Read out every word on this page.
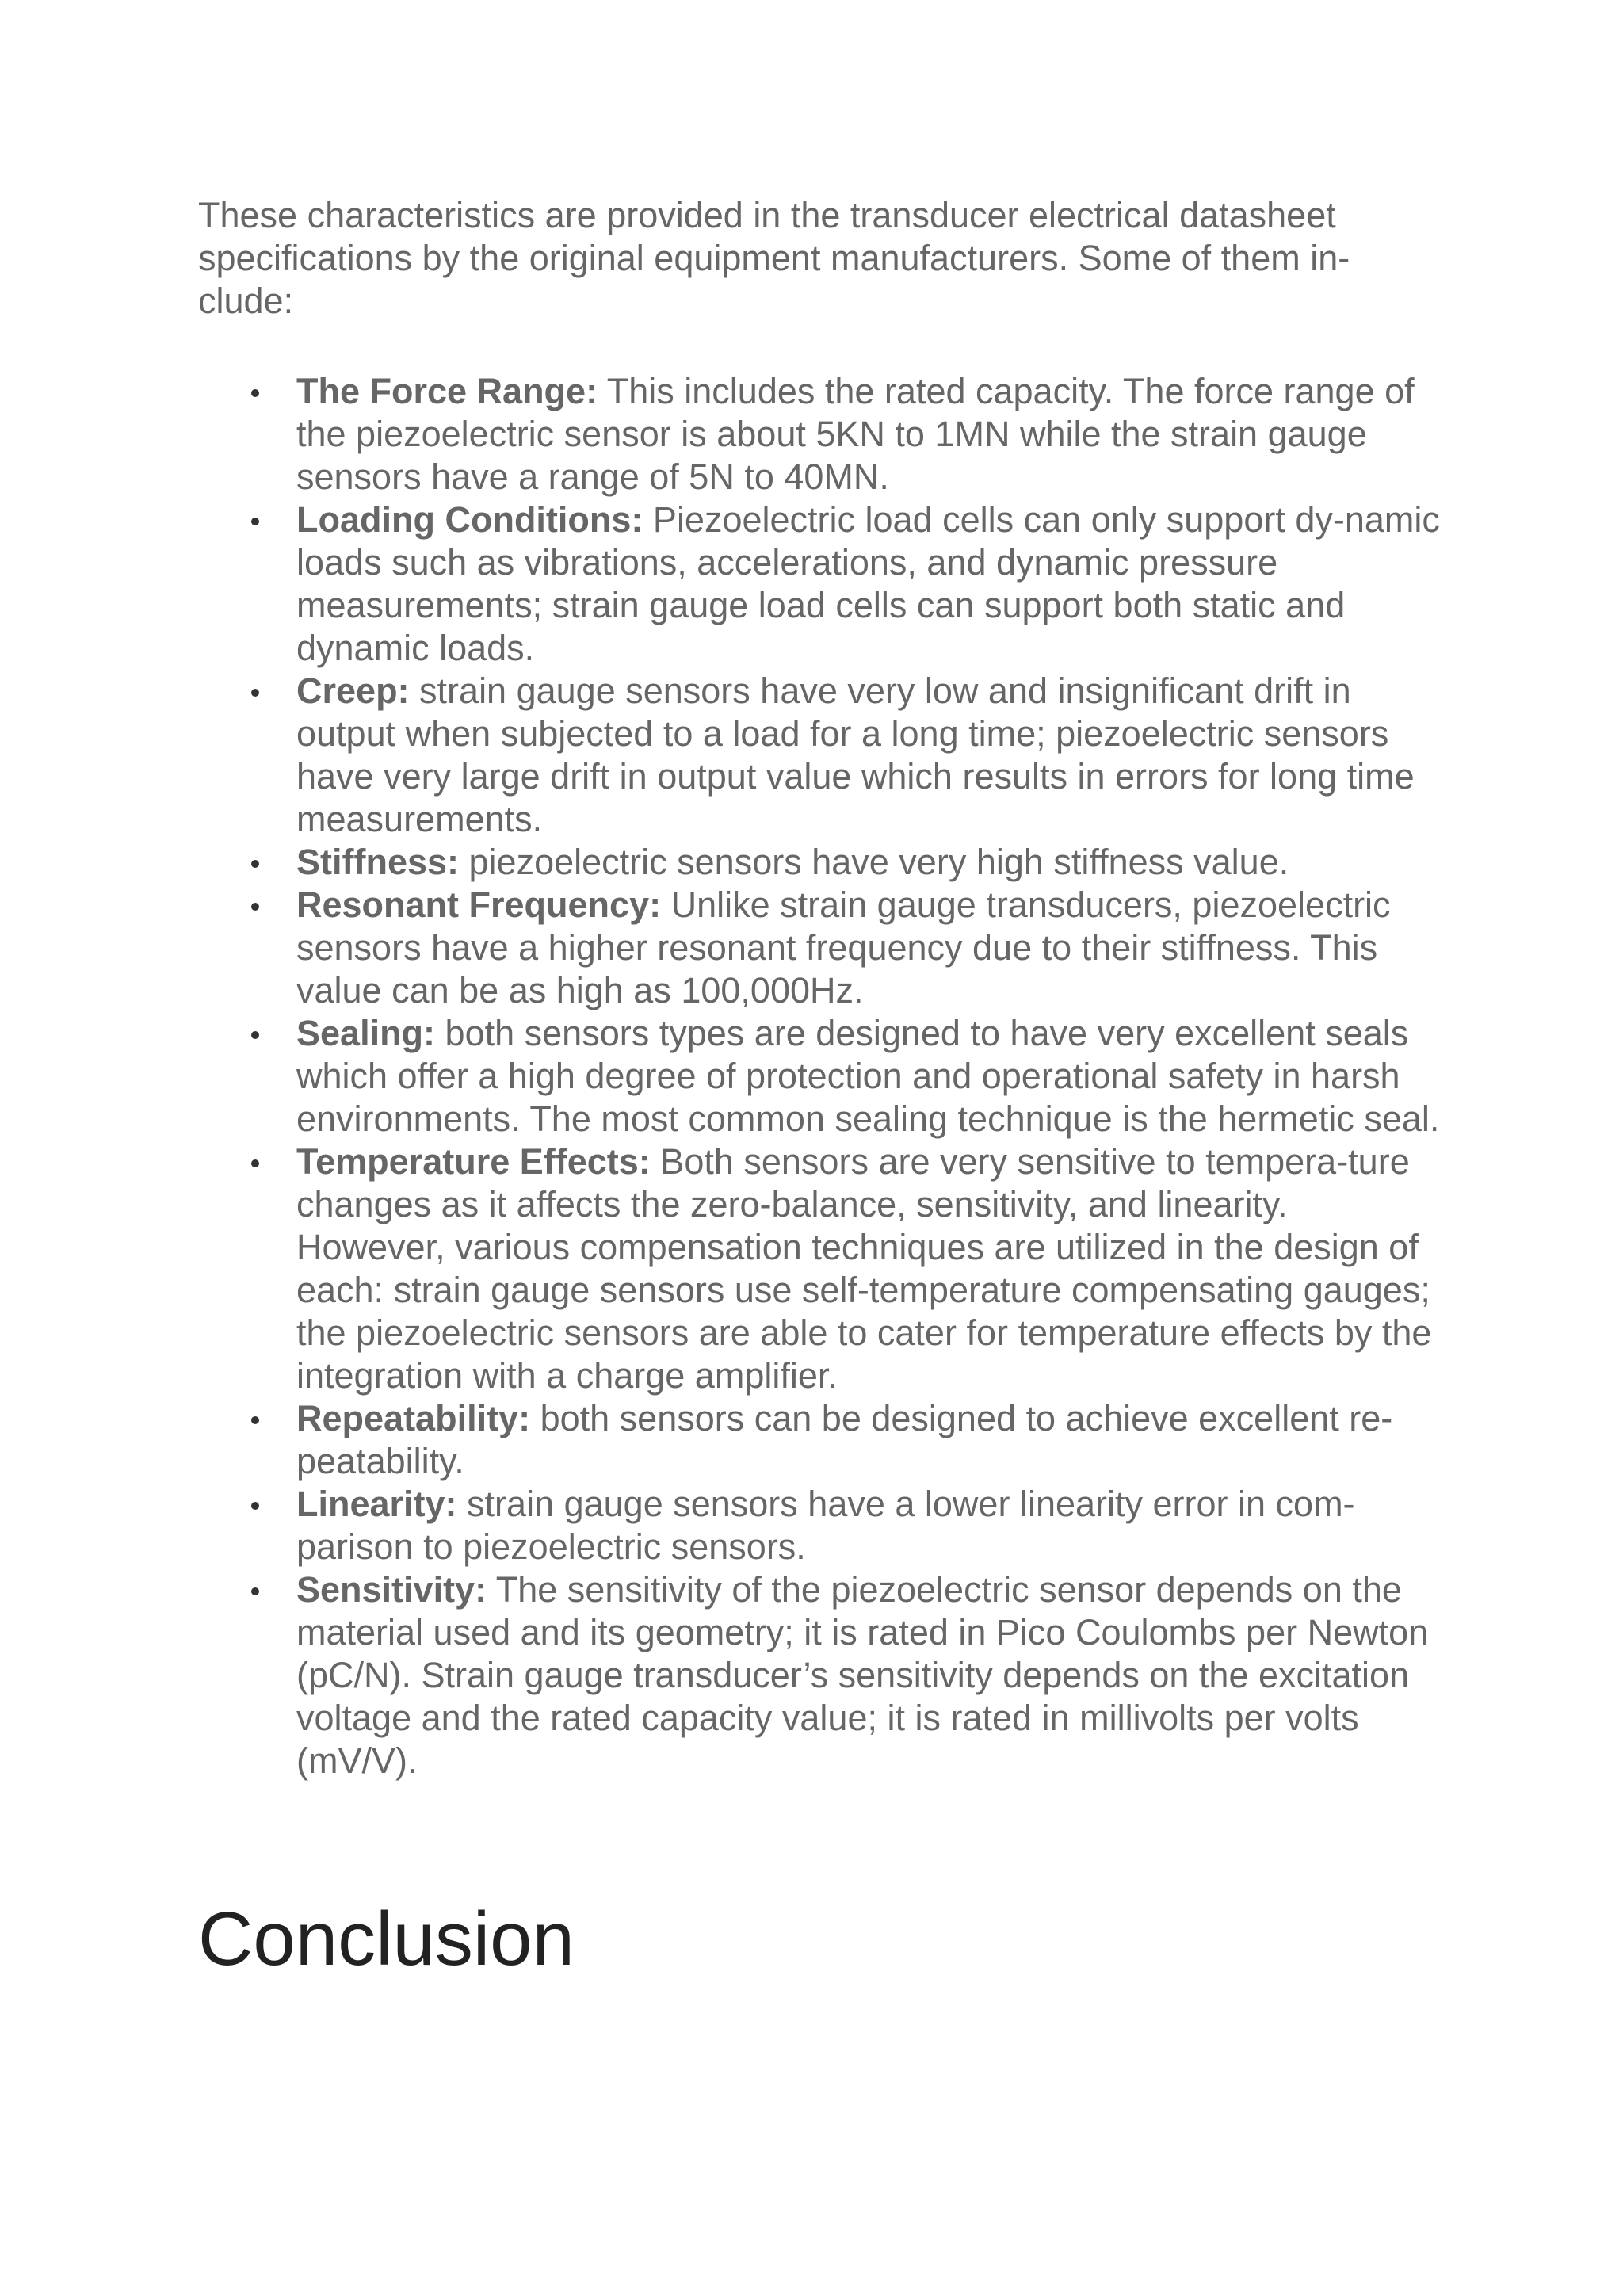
These characteristics are provided in the transducer electrical datasheet specifications by the original equipment manufacturers. Some of them in-clude:

The Force Range: This includes the rated capacity. The force range of the piezoelectric sensor is about 5KN to 1MN while the strain gauge sensors have a range of 5N to 40MN.
Loading Conditions: Piezoelectric load cells can only support dy-namic loads such as vibrations, accelerations, and dynamic pressure measurements; strain gauge load cells can support both static and dynamic loads.
Creep: strain gauge sensors have very low and insignificant drift in output when subjected to a load for a long time; piezoelectric sensors have very large drift in output value which results in errors for long time measurements.
Stiffness: piezoelectric sensors have very high stiffness value.
Resonant Frequency: Unlike strain gauge transducers, piezoelectric sensors have a higher resonant frequency due to their stiffness. This value can be as high as 100,000Hz.
Sealing: both sensors types are designed to have very excellent seals which offer a high degree of protection and operational safety in harsh environments. The most common sealing technique is the hermetic seal.
Temperature Effects: Both sensors are very sensitive to tempera-ture changes as it affects the zero-balance, sensitivity, and linearity. However, various compensation techniques are utilized in the design of each: strain gauge sensors use self-temperature compensating gauges; the piezoelectric sensors are able to cater for temperature effects by the integration with a charge amplifier.
Repeatability: both sensors can be designed to achieve excellent re-peatability.
Linearity: strain gauge sensors have a lower linearity error in com-parison to piezoelectric sensors.
Sensitivity: The sensitivity of the piezoelectric sensor depends on the material used and its geometry; it is rated in Pico Coulombs per Newton (pC/N). Strain gauge transducer’s sensitivity depends on the excitation voltage and the rated capacity value; it is rated in millivolts per volts (mV/V).
Conclusion
